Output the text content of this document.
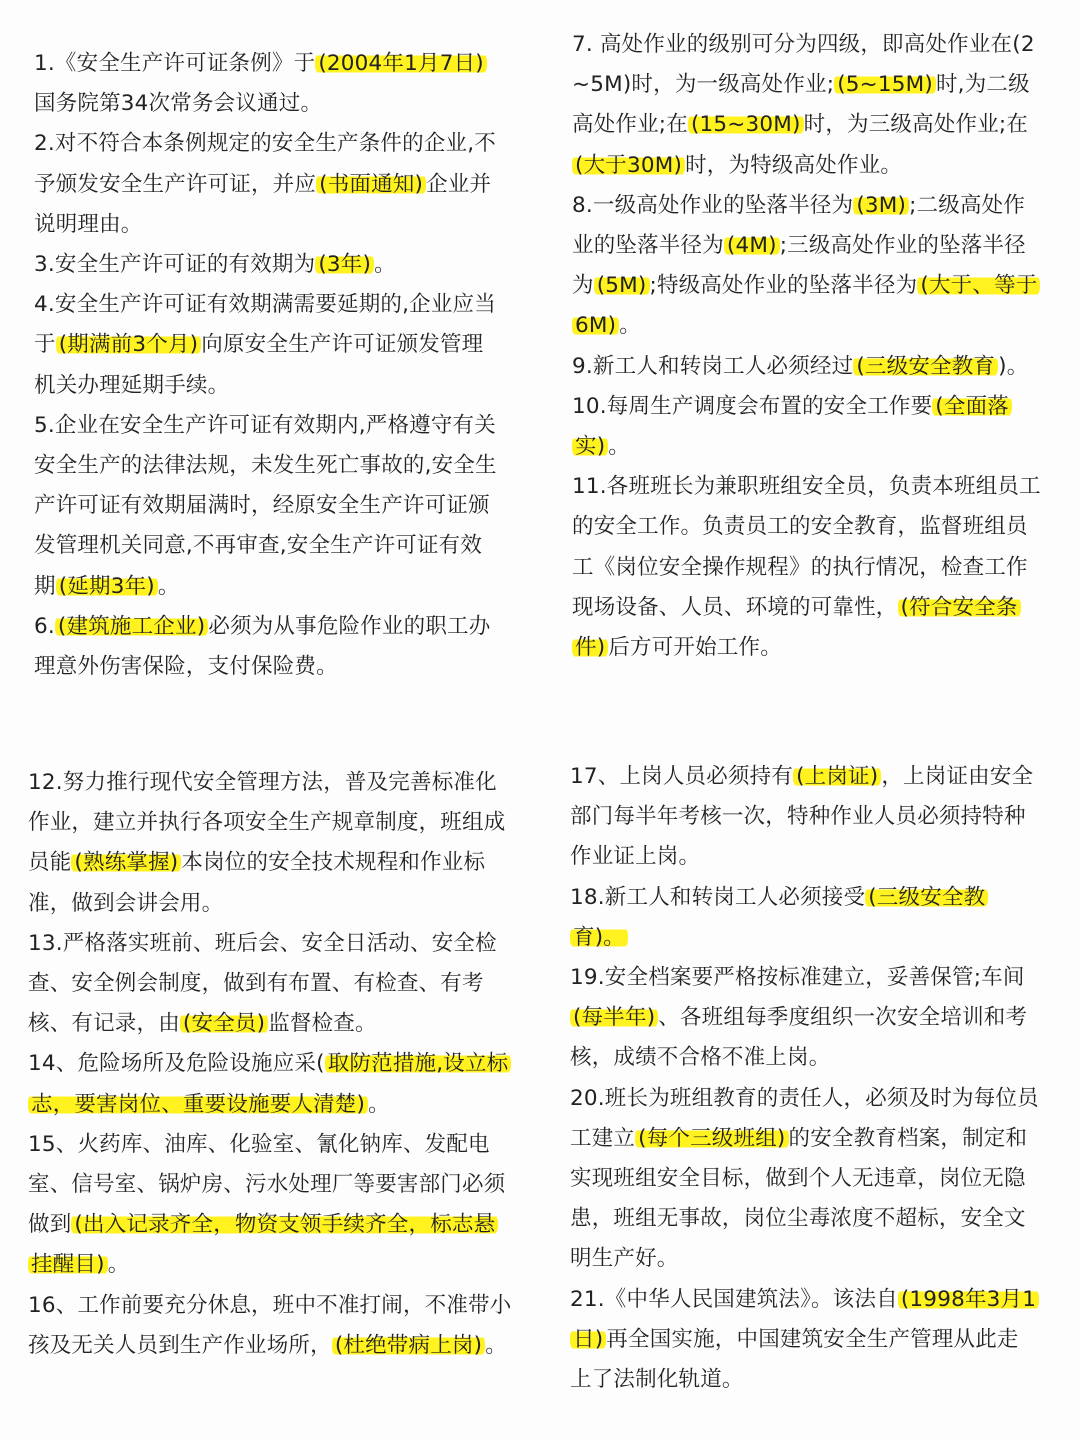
1.《安全生产许可证条例》于 (2004年1月7日)国务院第34次常务会议通过。

2.对不符合本条例规定的安全生产条件的企业,不予颁发安全生产许可证，并应 (书面通知) 企业并说明理由。

3.安全生产许可证的有效期为 (3年) 。

4.安全生产许可证有效期满需要延期的,企业应当于 (期满前3个月) 向原安全生产许可证颁发管理机关办理延期手续。

5.企业在安全生产许可证有效期内,严格遵守有关安全生产的法律法规，未发生死亡事故的,安全生产许可证有效期届满时，经原安全生产许可证颁发管理机关同意,不再审查,安全生产许可证有效期 (延期3年) 。

6. (建筑施工企业) 必须为从事危险作业的职工办理意外伤害保险，支付保险费。

7. 高处作业的级别可分为四级，即高处作业在(2~5M)时，为一级高处作业; (5~15M) 时,为二级高处作业;在 (15~30M) 时，为三级高处作业;在(大于30M) 时，为特级高处作业。

8.一级高处作业的坠落半径为 (3M) ;二级高处作业的坠落半径为 (4M) ;三级高处作业的坠落半径为 (5M) ;特级高处作业的坠落半径为 (大于、等于6M) 。

9.新工人和转岗工人必须经过 (三级安全教育 )。

10.每周生产调度会布置的安全工作要 (全面落实) 。

11.各班班长为兼职班组安全员，负责本班组员工的安全工作。负责员工的安全教育，监督班组员工《岗位安全操作规程》的执行情况，检查工作现场设备、人员、环境的可靠性， (符合安全条件) 后方可开始工作。

12.努力推行现代安全管理方法，普及完善标准化作业，建立并执行各项安全生产规章制度，班组成员能 (熟练掌握) 本岗位的安全技术规程和作业标准，做到会讲会用。

13.严格落实班前、班后会、安全日活动、安全检查、安全例会制度，做到有布置、有检查、有考核、有记录，由 (安全员) 监督检查。

14、危险场所及危险设施应采( 取防范措施,设立标志，要害岗位、重要设施要人清楚) 。

15、火药库、油库、化验室、氰化钠库、发配电室、信号室、锅炉房、污水处理厂等要害部门必须做到 (出入记录齐全，物资支领手续齐全，标志悬挂醒目) 。

16、工作前要充分休息，班中不准打闹，不准带小孩及无关人员到生产作业场所， (杜绝带病上岗) 。

17、上岗人员必须持有 (上岗证) ，上岗证由安全部门每半年考核一次，特种作业人员必须持特种作业证上岗。

18.新工人和转岗工人必须接受 (三级安全教育)。

19.安全档案要严格按标准建立，妥善保管;车间(每半年) 、各班组每季度组织一次安全培训和考核，成绩不合格不准上岗。

20.班长为班组教育的责任人，必须及时为每位员工建立 (每个三级班组) 的安全教育档案，制定和实现班组安全目标，做到个人无违章，岗位无隐患，班组无事故，岗位尘毒浓度不超标，安全文明生产好。

21.《中华人民国建筑法》。该法自 (1998年3月1日) 再全国实施，中国建筑安全生产管理从此走上了法制化轨道。
